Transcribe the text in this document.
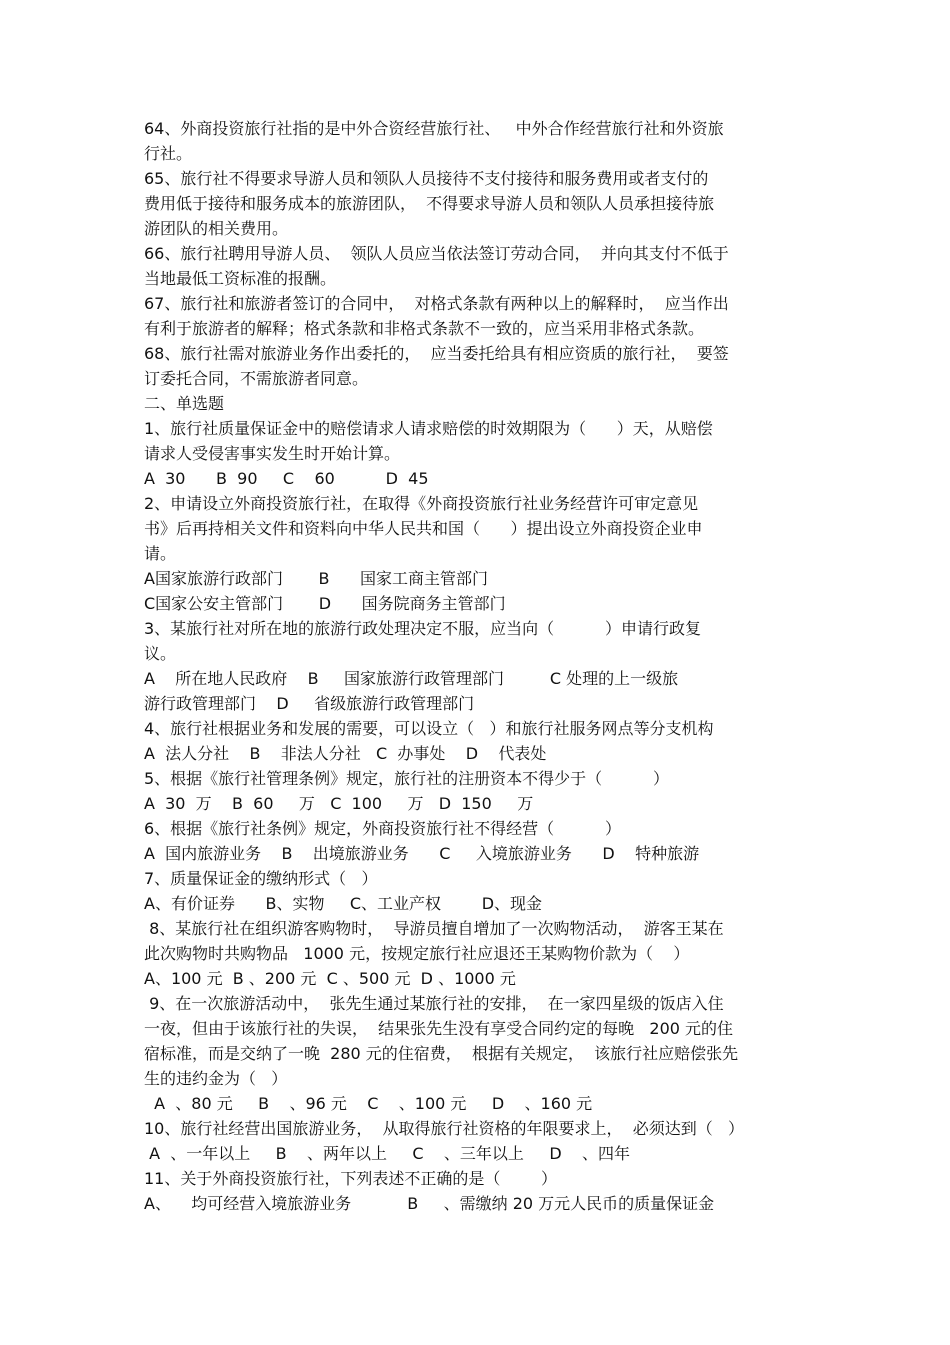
64、外商投资旅行社指的是中外合资经营旅行社、   中外合作经营旅行社和外资旅
行社。
65、旅行社不得要求导游人员和领队人员接待不支付接待和服务费用或者支付的
费用低于接待和服务成本的旅游团队，  不得要求导游人员和领队人员承担接待旅
游团队的相关费用。
66、旅行社聘用导游人员、  领队人员应当依法签订劳动合同，  并向其支付不低于
当地最低工资标准的报酬。
67、旅行社和旅游者签订的合同中，  对格式条款有两种以上的解释时，  应当作出
有利于旅游者的解释；格式条款和非格式条款不一致的，应当采用非格式条款。
68、旅行社需对旅游业务作出委托的，  应当委托给具有相应资质的旅行社，  要签
订委托合同，不需旅游者同意。
二、单选题
1、旅行社质量保证金中的赔偿请求人请求赔偿的时效期限为（      ）天，从赔偿
请求人受侵害事实发生时开始计算。
A  30      B  90     C    60          D  45
2、申请设立外商投资旅行社，在取得《外商投资旅行社业务经营许可审定意见
书》后再持相关文件和资料向中华人民共和国（      ）提出设立外商投资企业申
请。
A国家旅游行政部门       B      国家工商主管部门
C国家公安主管部门       D      国务院商务主管部门
3、某旅行社对所在地的旅游行政处理决定不服，应当向（          ）申请行政复
议。
A    所在地人民政府    B     国家旅游行政管理部门         C 处理的上一级旅
游行政管理部门    D     省级旅游行政管理部门
4、旅行社根据业务和发展的需要，可以设立（   ）和旅行社服务网点等分支机构
A  法人分社    B    非法人分社   C  办事处    D    代表处
5、根据《旅行社管理条例》规定，旅行社的注册资本不得少于（          ）
A  30  万    B  60     万   C  100     万   D  150     万
6、根据《旅行社条例》规定，外商投资旅行社不得经营（          ）
A  国内旅游业务    B    出境旅游业务      C     入境旅游业务      D    特种旅游
7、质量保证金的缴纳形式（   ）
A、有价证券      B、实物     C、工业产权        D、现金
8、某旅行社在组织游客购物时，  导游员擅自增加了一次购物活动，  游客王某在
此次购物时共购物品   1000 元，按规定旅行社应退还王某购物价款为（    ）
A、100 元  B 、200 元  C 、500 元  D 、1000 元
9、在一次旅游活动中，  张先生通过某旅行社的安排，  在一家四星级的饭店入住
一夜，但由于该旅行社的失误，  结果张先生没有享受合同约定的每晚   200 元的住
宿标准，而是交纳了一晚  280 元的住宿费，  根据有关规定，  该旅行社应赔偿张先
生的违约金为（   ）
A  、80 元     B    、96 元    C    、100 元     D    、160 元
10、旅行社经营出国旅游业务，  从取得旅行社资格的年限要求上，  必须达到（   ）
A  、一年以上     B    、两年以上     C    、三年以上     D    、四年
11、关于外商投资旅行社，下列表述不正确的是（        ）
A、    均可经营入境旅游业务           B     、需缴纳 20 万元人民币的质量保证金
